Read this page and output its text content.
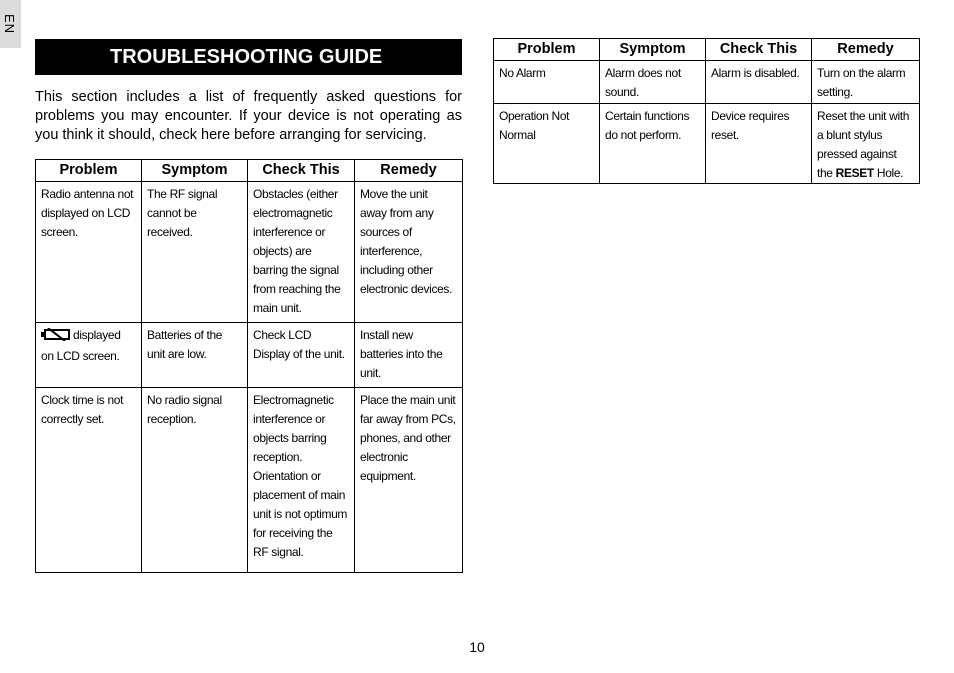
EN
TROUBLESHOOTING GUIDE
This section includes a list of frequently asked questions for problems you may encounter. If your device is not operating as you think it should, check here before arranging for servicing.
Problem	Symptom	Check This	Remedy

Radio antenna not displayed on LCD screen.	The RF signal cannot be received.	Obstacles (either electromagnetic interference or objects) are barring the signal from reaching the main unit.	Move the unit away from any sources of interference, including other electronic devices.

displayed on LCD screen.	Batteries of the unit are low.	Check LCD Display of the unit.	Install new batteries into the unit.

Clock time is not correctly set.	No radio signal reception.	Electromagnetic interference or objects barring reception. Orientation or placement of main unit is not optimum for receiving the RF signal.	Place the main unit far away from PCs, phones, and other electronic equipment.
Problem	Symptom	Check This	Remedy

No Alarm	Alarm does not sound.	Alarm is disabled.	Turn on the alarm setting.

Operation Not Normal	Certain functions do not perform.	Device requires reset.	Reset the unit with a blunt stylus pressed against the RESET Hole.
10
